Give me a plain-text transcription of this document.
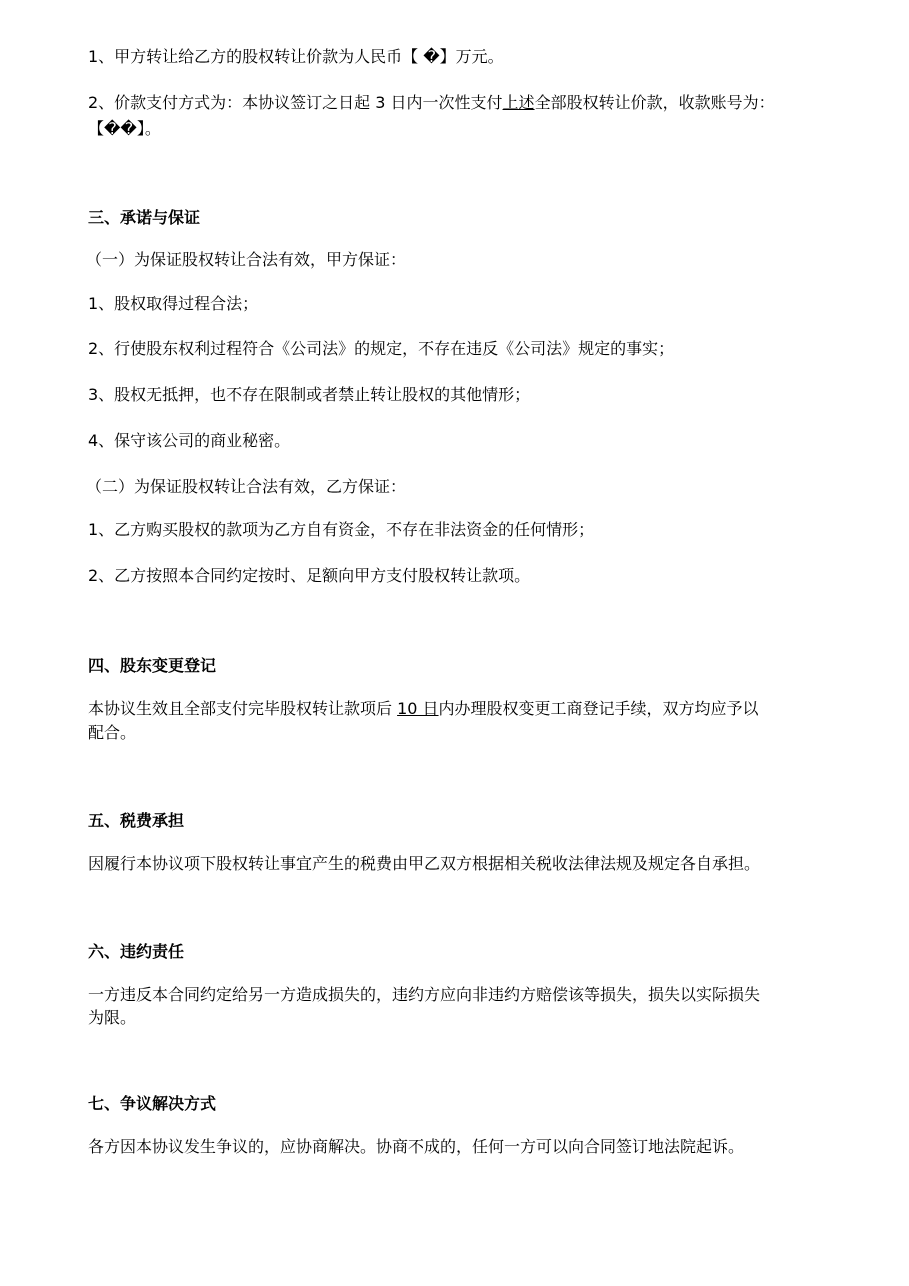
1、甲方转让给乙方的股权转让价款为人民币【 �】万元。
2、价款支付方式为：本协议签订之日起 3 日内一次性支付上述全部股权转让价款，收款账号为：
【��】。
三、承诺与保证
（一）为保证股权转让合法有效，甲方保证：
1、股权取得过程合法；
2、行使股东权利过程符合《公司法》的规定，不存在违反《公司法》规定的事实；
3、股权无抵押，也不存在限制或者禁止转让股权的其他情形；
4、保守该公司的商业秘密。
（二）为保证股权转让合法有效，乙方保证：
1、乙方购买股权的款项为乙方自有资金，不存在非法资金的任何情形；
2、乙方按照本合同约定按时、足额向甲方支付股权转让款项。
四、股东变更登记
本协议生效且全部支付完毕股权转让款项后 10 日内办理股权变更工商登记手续，双方均应予以
配合。
五、税费承担
因履行本协议项下股权转让事宜产生的税费由甲乙双方根据相关税收法律法规及规定各自承担。
六、违约责任
一方违反本合同约定给另一方造成损失的，违约方应向非违约方赔偿该等损失，损失以实际损失
为限。
七、争议解决方式
各方因本协议发生争议的，应协商解决。协商不成的，任何一方可以向合同签订地法院起诉。
